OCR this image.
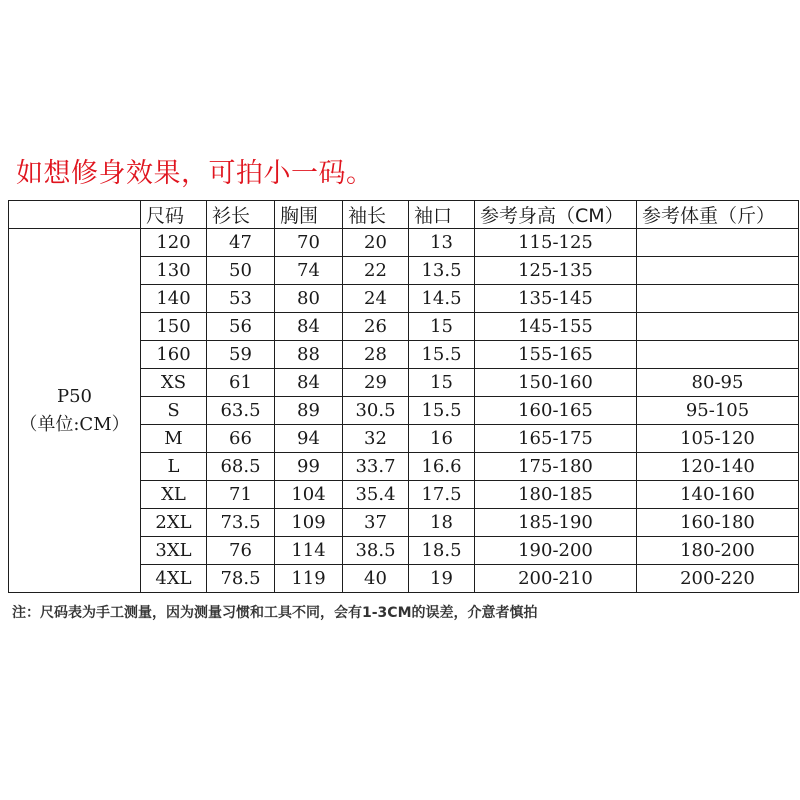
如想修身效果，可拍小一码。
	尺码	衫长	胸围	袖长	袖口	参考身高（CM）	参考体重（斤）

P50
（单位:CM）	120	47	70	20	13	115-125	
	130	50	74	22	13.5	125-135	
	140	53	80	24	14.5	135-145	
	150	56	84	26	15	145-155	
	160	59	88	28	15.5	155-165	
	XS	61	84	29	15	150-160	80-95
	S	63.5	89	30.5	15.5	160-165	95-105
	M	66	94	32	16	165-175	105-120
	L	68.5	99	33.7	16.6	175-180	120-140
	XL	71	104	35.4	17.5	180-185	140-160
	2XL	73.5	109	37	18	185-190	160-180
	3XL	76	114	38.5	18.5	190-200	180-200
	4XL	78.5	119	40	19	200-210	200-220
注：尺码表为手工测量，因为测量习惯和工具不同，会有1-3CM的误差，介意者慎拍
